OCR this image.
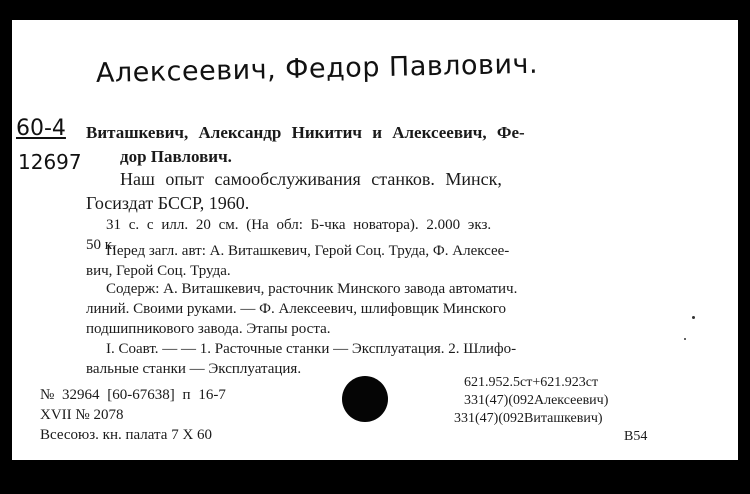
Алексеевич, Федор Павлович.
60-4
12697
Виташкевич, Александр Никитич и Алексеевич, Фе-
дор Павлович.
Наш опыт самообслуживания станков. Минск,
Госиздат БССР, 1960.
31 с. с илл. 20 см. (На обл: Б-чка новатора). 2.000 экз.
50 к.
Перед загл. авт: А. Виташкевич, Герой Соц. Труда, Ф. Алексее-
вич, Герой Соц. Труда.
Содерж: А. Виташкевич, расточник Минского завода автоматич.
линий. Своими руками. — Ф. Алексеевич, шлифовщик Минского
подшипникового завода. Этапы роста.
I. Соавт. — — 1. Расточные станки — Эксплуатация. 2. Шлифо-
вальные станки — Эксплуатация.
621.952.5ст+621.923ст
331(47)(092Алексеевич)
331(47)(092Виташкевич)
В54
№ 32964 [60-67638] п 16-7
XVII № 2078
Всесоюз. кн. палата 7 X 60
